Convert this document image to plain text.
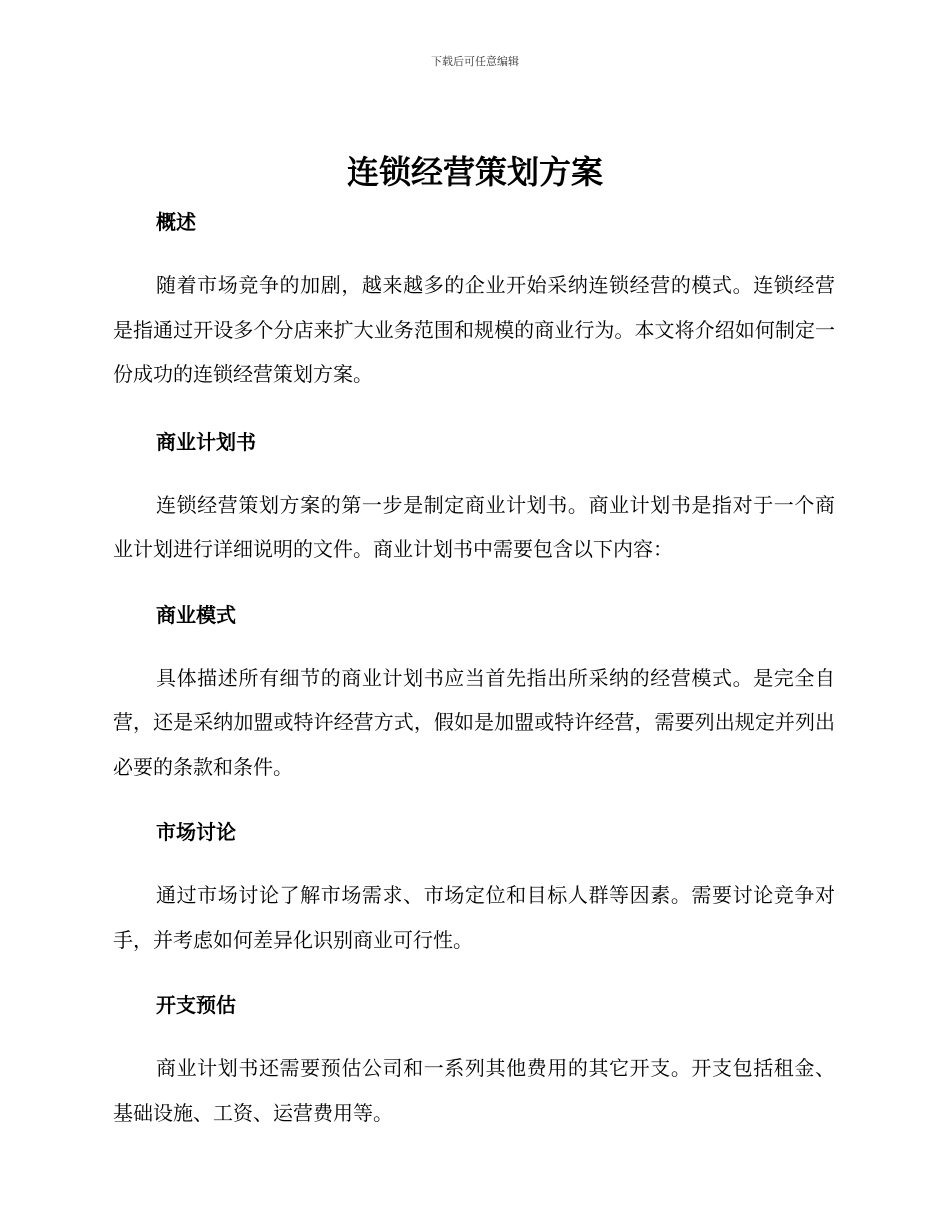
下载后可任意编辑
连锁经营策划方案
概述

随着市场竞争的加剧，越来越多的企业开始采纳连锁经营的模式。连锁经营是指通过开设多个分店来扩大业务范围和规模的商业行为。本文将介绍如何制定一份成功的连锁经营策划方案。

商业计划书

连锁经营策划方案的第一步是制定商业计划书。商业计划书是指对于一个商业计划进行详细说明的文件。商业计划书中需要包含以下内容：

商业模式

具体描述所有细节的商业计划书应当首先指出所采纳的经营模式。是完全自营，还是采纳加盟或特许经营方式，假如是加盟或特许经营，需要列出规定并列出必要的条款和条件。

市场讨论

通过市场讨论了解市场需求、市场定位和目标人群等因素。需要讨论竞争对手，并考虑如何差异化识别商业可行性。

开支预估

商业计划书还需要预估公司和一系列其他费用的其它开支。开支包括租金、基础设施、工资、运营费用等。
